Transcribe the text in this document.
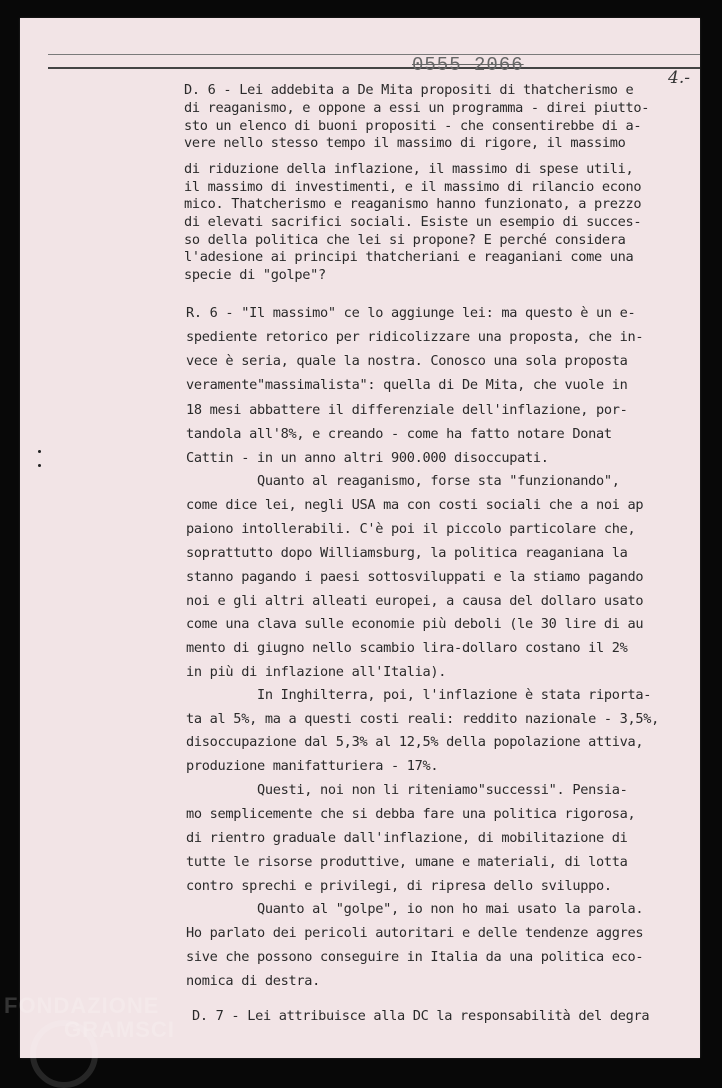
0555 2066
4.-
D. 6 - Lei addebita a De Mita propositi di thatcherismo e
di reaganismo, e oppone a essi un programma - direi piutto-
sto un elenco di buoni propositi - che consentirebbe di a-
vere nello stesso tempo il massimo di rigore, il massimo
di riduzione della inflazione, il massimo di spese utili,
il massimo di investimenti, e il massimo di rilancio econo
mico. Thatcherismo e reaganismo hanno funzionato, a prezzo
di elevati sacrifici sociali. Esiste un esempio di succes-
so della politica che lei si propone? E perché considera
l'adesione ai principi thatcheriani e reaganiani come una
specie di "golpe"?
R. 6 - "Il massimo" ce lo aggiunge lei: ma questo è un e-
spediente retorico per ridicolizzare una proposta, che in-
vece è seria, quale la nostra. Conosco una sola proposta
veramente"massimalista": quella di De Mita, che vuole in
18 mesi abbattere il differenziale dell'inflazione, por-
tandola all'8%, e creando - come ha fatto notare Donat
Cattin - in un anno altri 900.000 disoccupati.
Quanto al reaganismo, forse sta "funzionando",
come dice lei, negli USA ma con costi sociali che a noi ap
paiono intollerabili. C'è poi il piccolo particolare che,
soprattutto dopo Williamsburg, la politica reaganiana la
stanno pagando i paesi sottosviluppati e la stiamo pagando
noi e gli altri alleati europei, a causa del dollaro usato
come una clava sulle economie più deboli (le 30 lire di au
mento di giugno nello scambio lira-dollaro costano il 2%
in più di inflazione all'Italia).
In Inghilterra, poi, l'inflazione è stata riporta-
ta al 5%, ma a questi costi reali: reddito nazionale - 3,5%,
disoccupazione dal 5,3% al 12,5% della popolazione attiva,
produzione manifatturiera - 17%.
Questi, noi non li riteniamo"successi". Pensia-
mo semplicemente che si debba fare una politica rigorosa,
di rientro graduale dall'inflazione, di mobilitazione di
tutte le risorse produttive, umane e materiali, di lotta
contro sprechi e privilegi, di ripresa dello sviluppo.
Quanto al "golpe", io non ho mai usato la parola.
Ho parlato dei pericoli autoritari e delle tendenze aggres
sive che possono conseguire in Italia da una politica eco-
nomica di destra.
D. 7 - Lei attribuisce alla DC la responsabilità del degra
FONDAZIONE
GRAMSCI
